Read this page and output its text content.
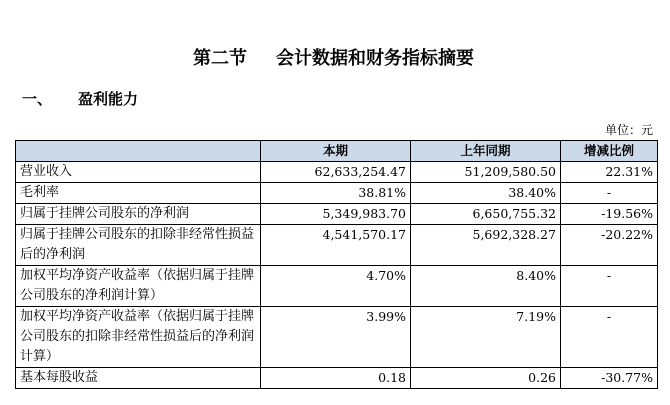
第二节 会计数据和财务指标摘要
一、 盈利能力
单位：元
	本期	上年同期	增减比例
营业收入	62,633,254.47	51,209,580.50	22.31%
毛利率	38.81%	38.40%	-
归属于挂牌公司股东的净利润	5,349,983.70	6,650,755.32	-19.56%
归属于挂牌公司股东的扣除非经常性损益后的净利润	4,541,570.17	5,692,328.27	-20.22%
加权平均净资产收益率（依据归属于挂牌公司股东的净利润计算）	4.70%	8.40%	-
加权平均净资产收益率（依据归属于挂牌公司股东的扣除非经常性损益后的净利润计算）	3.99%	7.19%	-
基本每股收益	0.18	0.26	-30.77%
